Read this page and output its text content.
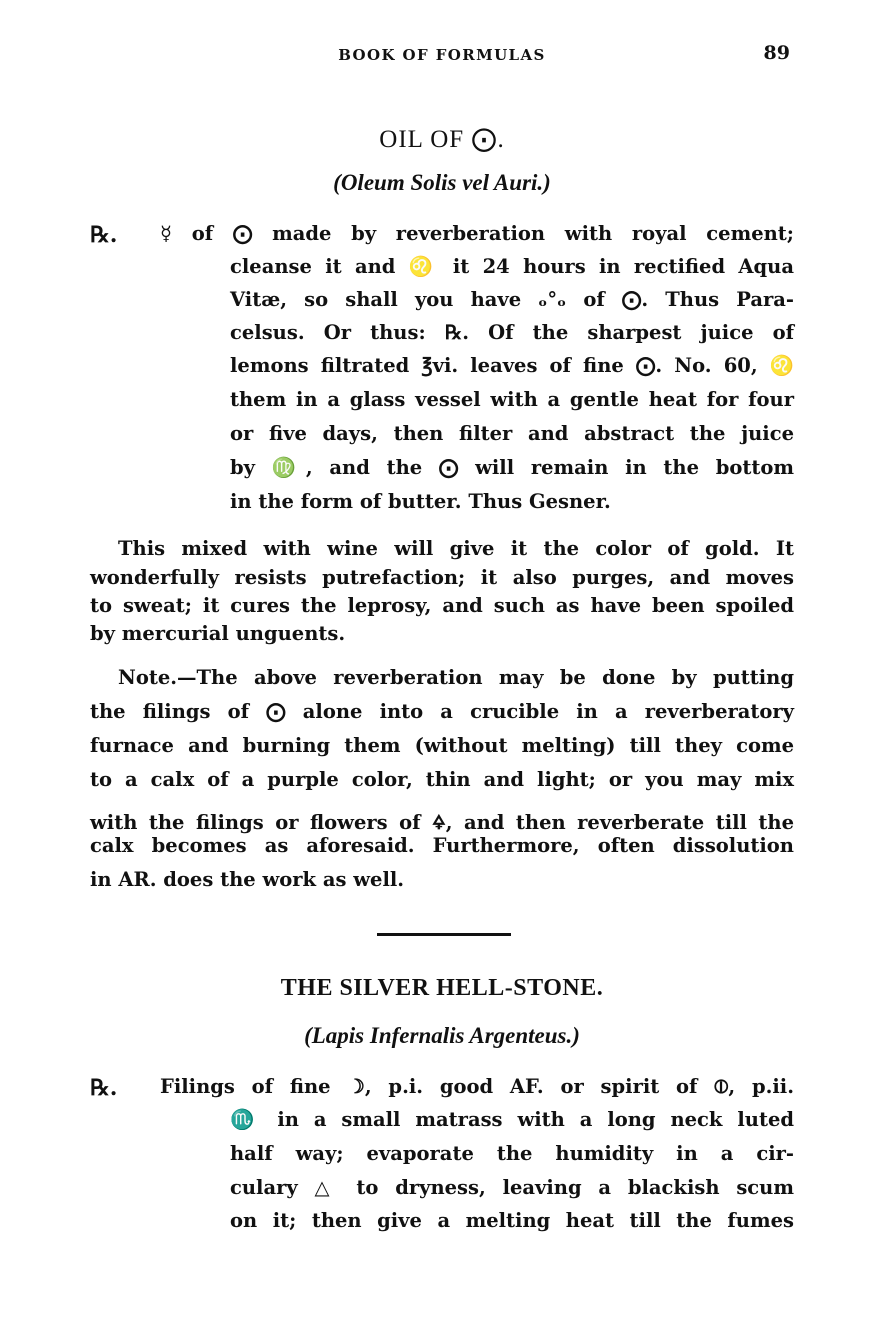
BOOK OF FORMULAS	89
OIL OF ⨀.
(Oleum Solis vel Auri.)
℞. ☿ of ⨀ made by reverberation with royal cement;
cleanse it and ♌ it 24 hours in rectified Aqua
Vitæ, so shall you have ₒ°ₒ of ⨀. Thus Para-
celsus. Or thus: ℞. Of the sharpest juice of
lemons filtrated ℥vi. leaves of fine ⨀. No. 60, ♌
them in a glass vessel with a gentle heat for four
or five days, then filter and abstract the juice
by ♍, and the ⨀ will remain in the bottom
in the form of butter. Thus Gesner.
This mixed with wine will give it the color of gold. It
wonderfully resists putrefaction; it also purges, and moves
to sweat; it cures the leprosy, and such as have been spoiled
by mercurial unguents.
Note.—The above reverberation may be done by putting
the filings of ⨀ alone into a crucible in a reverberatory
furnace and burning them (without melting) till they come
to a calx of a purple color, thin and light; or you may mix
with the filings or flowers of 🜍, and then reverberate till the
calx becomes as aforesaid. Furthermore, often dissolution
in AR. does the work as well.
THE SILVER HELL-STONE.
(Lapis Infernalis Argenteus.)
℞. Filings of fine ☽, p.i. good AF. or spirit of ⦶, p.ii.
♏ in a small matrass with a long neck luted
half way; evaporate the humidity in a cir-
culary △ to dryness, leaving a blackish scum
on it; then give a melting heat till the fumes
